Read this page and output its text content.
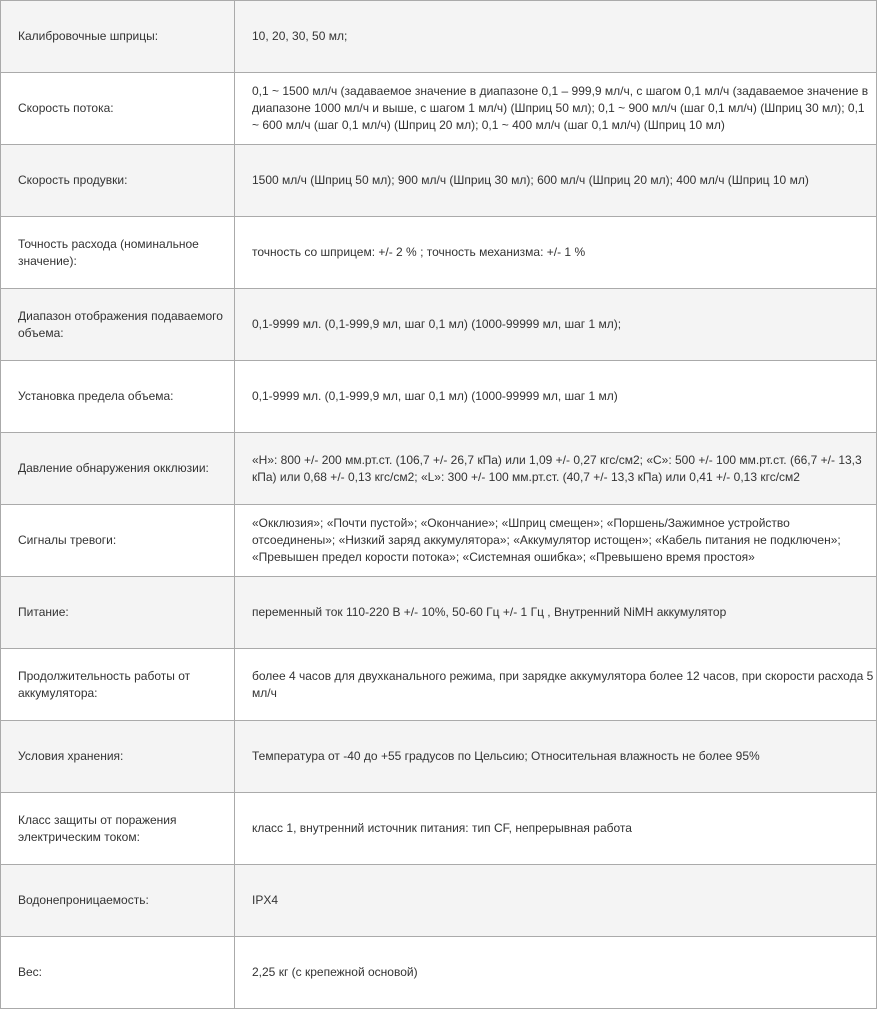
Калибровочные шприцы:	10, 20, 30, 50 мл;
Скорость потока:	0,1 ~ 1500 мл/ч (задаваемое значение в диапазоне 0,1 – 999,9 мл/ч, с шагом 0,1 мл/ч (задаваемое значение в диапазоне 1000 мл/ч и выше, с шагом 1 мл/ч) (Шприц 50 мл); 0,1 ~ 900 мл/ч (шаг 0,1 мл/ч) (Шприц 30 мл); 0,1 ~ 600 мл/ч (шаг 0,1 мл/ч) (Шприц 20 мл); 0,1 ~ 400 мл/ч (шаг 0,1 мл/ч) (Шприц 10 мл)
Скорость продувки:	1500 мл/ч (Шприц 50 мл); 900 мл/ч (Шприц 30 мл); 600 мл/ч (Шприц 20 мл); 400 мл/ч (Шприц 10 мл)
Точность расхода (номинальное значение):	точность со шприцем: +/- 2 % ; точность механизма: +/- 1 %
Диапазон отображения подаваемого объема:	0,1-9999 мл. (0,1-999,9 мл, шаг 0,1 мл) (1000-99999 мл, шаг 1 мл);
Установка предела объема:	0,1-9999 мл. (0,1-999,9 мл, шаг 0,1 мл) (1000-99999 мл, шаг 1 мл)
Давление обнаружения окклюзии:	«H»: 800 +/- 200 мм.рт.ст. (106,7 +/- 26,7 кПа) или 1,09 +/- 0,27 кгс/см2; «C»: 500 +/- 100 мм.рт.ст. (66,7 +/- 13,3 кПа) или 0,68 +/- 0,13 кгс/см2; «L»: 300 +/- 100 мм.рт.ст. (40,7 +/- 13,3 кПа) или 0,41 +/- 0,13 кгс/см2
Сигналы тревоги:	«Окклюзия»; «Почти пустой»; «Окончание»; «Шприц смещен»; «Поршень/Зажимное устройство отсоединены»; «Низкий заряд аккумулятора»; «Аккумулятор истощен»; «Кабель питания не подключен»; «Превышен предел корости потока»; «Системная ошибка»; «Превышено время простоя»
Питание:	переменный ток 110-220 В +/- 10%, 50-60 Гц +/- 1 Гц , Внутренний NiMH аккумулятор
Продолжительность работы от аккумулятора:	более 4 часов для двухканального режима, при зарядке аккумулятора более 12 часов, при скорости расхода 5 мл/ч
Условия хранения:	Температура от -40 до +55 градусов по Цельсию; Относительная влажность не более 95%
Класс защиты от поражения электрическим током:	класс 1, внутренний источник питания: тип CF, непрерывная работа
Водонепроницаемость:	IPX4
Вес:	2,25 кг (с крепежной основой)
